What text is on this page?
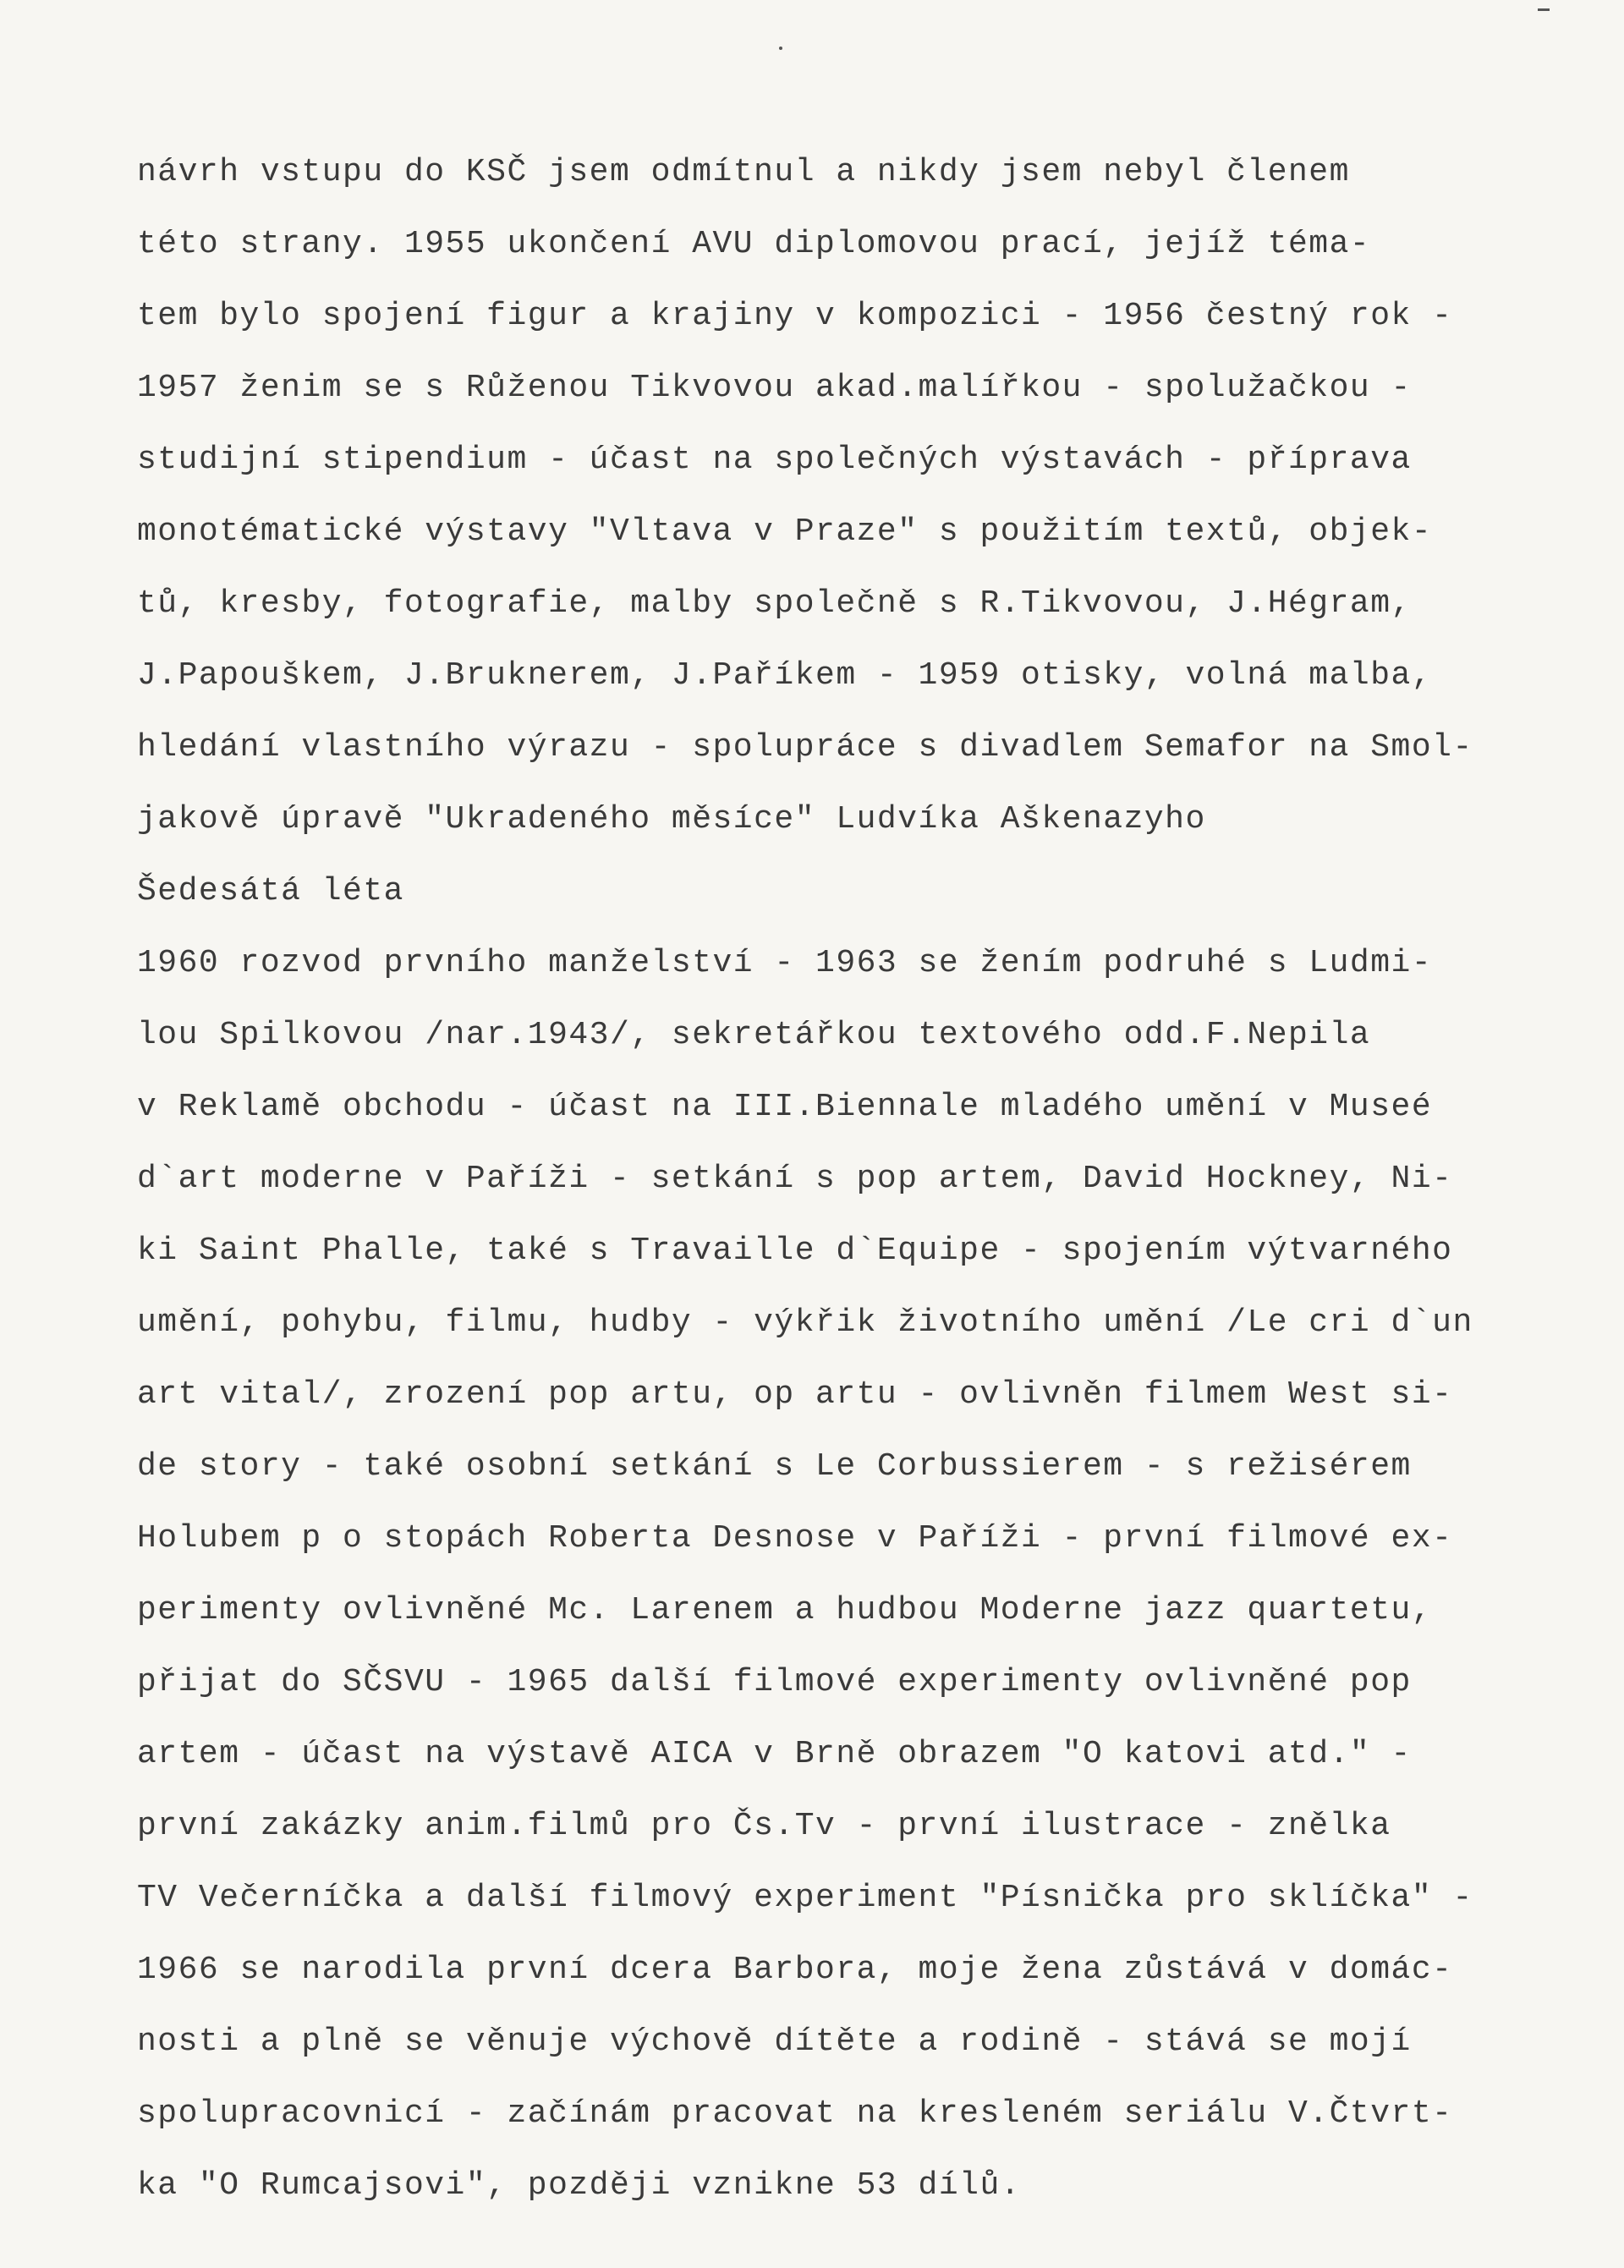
návrh vstupu do KSČ jsem odmítnul a nikdy jsem nebyl členem
této strany. 1955 ukončení AVU diplomovou prací, jejíž téma-
tem bylo spojení figur a krajiny v kompozici - 1956 čestný rok -
1957 ženim se s Růženou Tikvovou akad.malířkou - spolužačkou -
studijní stipendium - účast na společných výstavách - příprava
monotématické výstavy "Vltava v Praze" s použitím textů, objek-
tů, kresby, fotografie, malby společně s R.Tikvovou, J.Hégram,
J.Papouškem, J.Bruknerem, J.Paříkem - 1959 otisky, volná malba,
hledání vlastního výrazu - spolupráce s divadlem Semafor na Smol-
jakově úpravě "Ukradeného měsíce" Ludvíka Aškenazyho
Šedesátá léta
1960 rozvod prvního manželství - 1963 se žením podruhé s Ludmi-
lou Spilkovou /nar.1943/, sekretářkou textového odd.F.Nepila
v Reklamě obchodu - účast na III.Biennale mladého umění v Museé
d`art moderne v Paříži - setkání s pop artem, David Hockney, Ni-
ki Saint Phalle, také s Travaille d`Equipe - spojením výtvarného
umění, pohybu, filmu, hudby - výkřik životního umění /Le cri d`un
art vital/, zrození pop artu, op artu - ovlivněn filmem West si-
de story - také osobní setkání s Le Corbussierem - s režisérem
Holubem p o stopách Roberta Desnose v Paříži - první filmové ex-
perimenty ovlivněné Mc. Larenem a hudbou Moderne jazz quartetu,
přijat do SČSVU - 1965 další filmové experimenty ovlivněné pop
artem - účast na výstavě AICA v Brně obrazem "O katovi atd." -
první zakázky anim.filmů pro Čs.Tv - první ilustrace - znělka
TV Večerníčka a další filmový experiment "Písnička pro sklíčka" -
1966 se narodila první dcera Barbora, moje žena zůstává v domác-
nosti a plně se věnuje výchově dítěte a rodině - stává se mojí
spolupracovnicí - začínám pracovat na kresleném seriálu V.Čtvrt-
ka "O Rumcajsovi", později vznikne 53 dílů.
